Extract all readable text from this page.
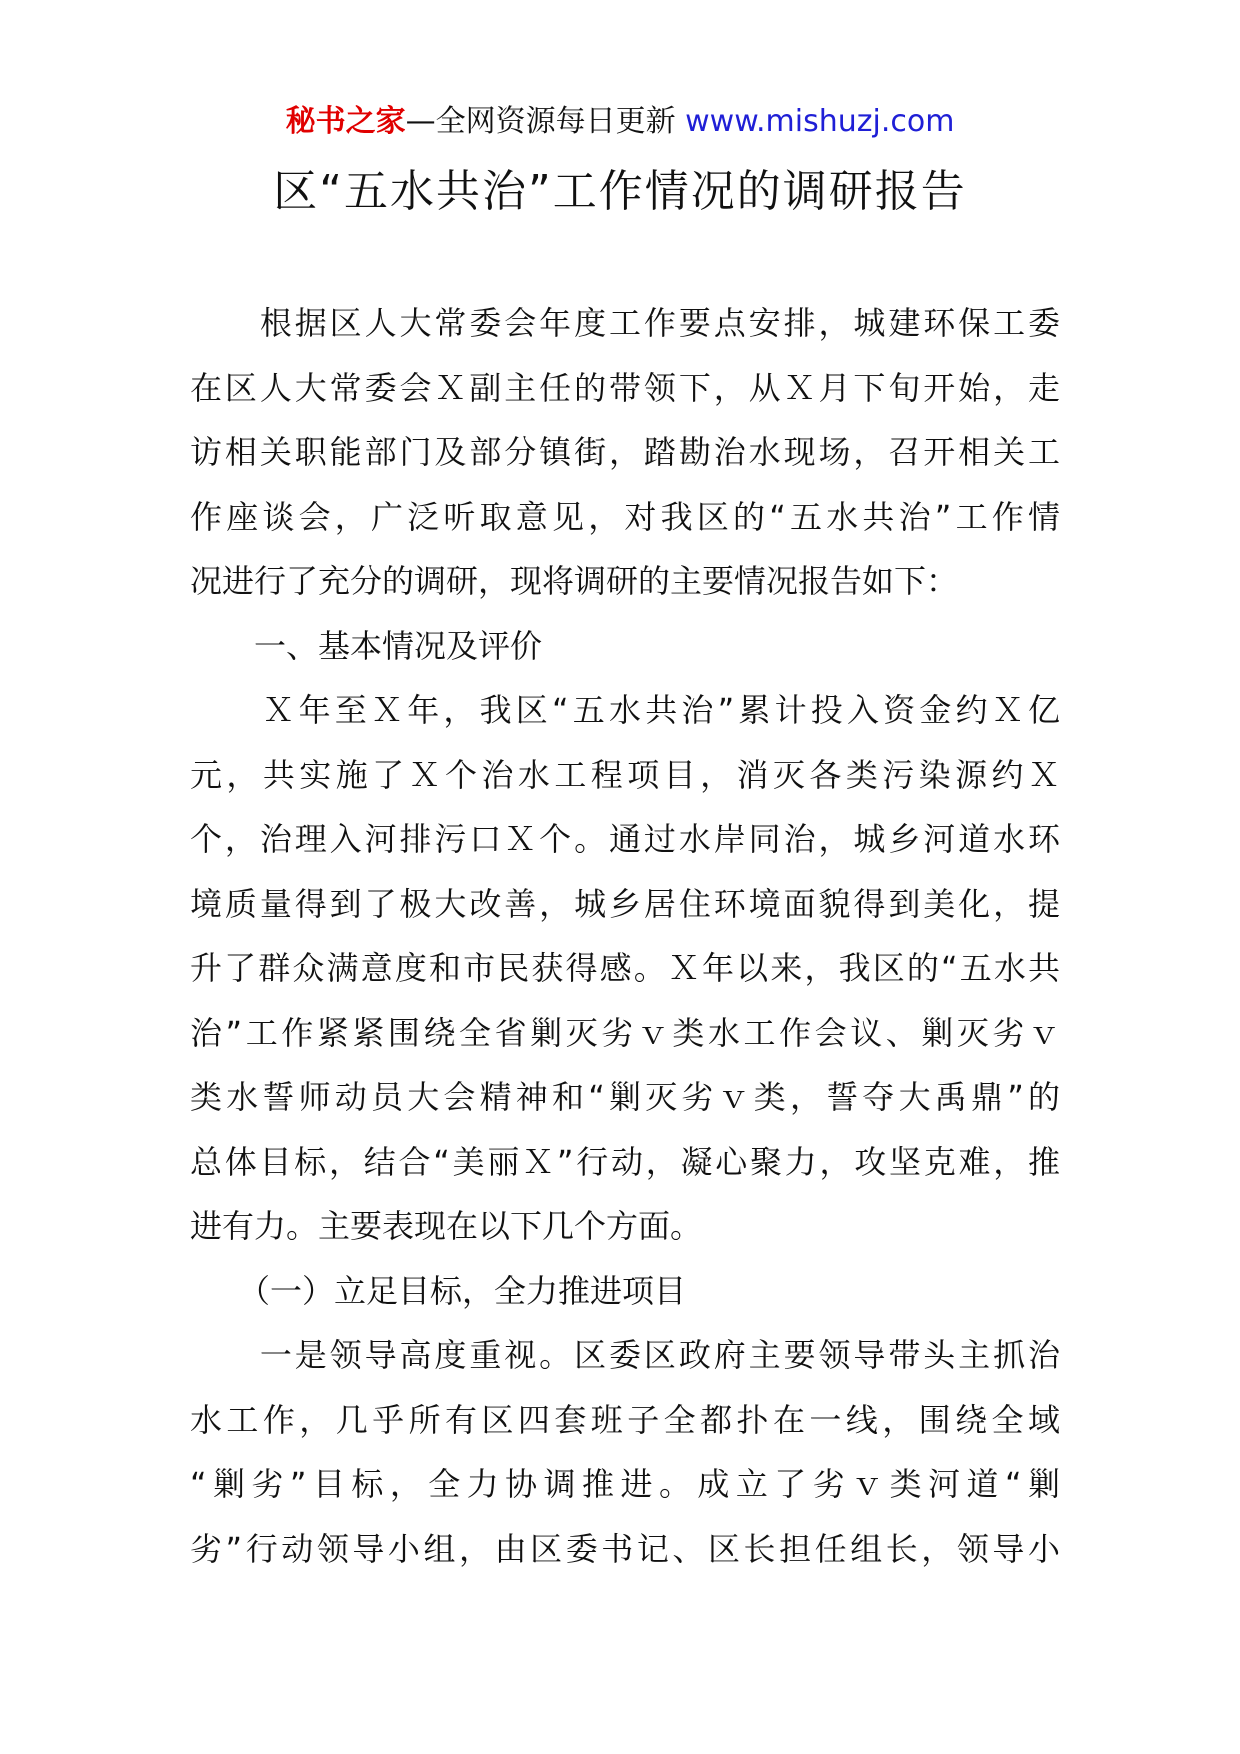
秘书之家—全网资源每日更新 www.mishuzj.com
区“五水共治”工作情况的调研报告
　　根据区人大常委会年度工作要点安排，城建环保工委
在区人大常委会Ｘ副主任的带领下，从Ｘ月下旬开始，走
访相关职能部门及部分镇街，踏勘治水现场，召开相关工
作座谈会，广泛听取意见，对我区的“五水共治”工作情
况进行了充分的调研，现将调研的主要情况报告如下：
　　一、基本情况及评价
　　Ｘ年至Ｘ年，我区“五水共治”累计投入资金约Ｘ亿
元，共实施了Ｘ个治水工程项目，消灭各类污染源约Ｘ
个，治理入河排污口Ｘ个。通过水岸同治，城乡河道水环
境质量得到了极大改善，城乡居住环境面貌得到美化，提
升了群众满意度和市民获得感。Ｘ年以来，我区的“五水共
治”工作紧紧围绕全省剿灭劣ｖ类水工作会议、剿灭劣ｖ
类水誓师动员大会精神和“剿灭劣ｖ类，誓夺大禹鼎”的
总体目标，结合“美丽Ｘ”行动，凝心聚力，攻坚克难，推
进有力。主要表现在以下几个方面。
　　（一）立足目标，全力推进项目
　　一是领导高度重视。区委区政府主要领导带头主抓治
水工作，几乎所有区四套班子全都扑在一线，围绕全域
“剿劣”目标，全力协调推进。成立了劣ｖ类河道“剿
劣”行动领导小组，由区委书记、区长担任组长，领导小
